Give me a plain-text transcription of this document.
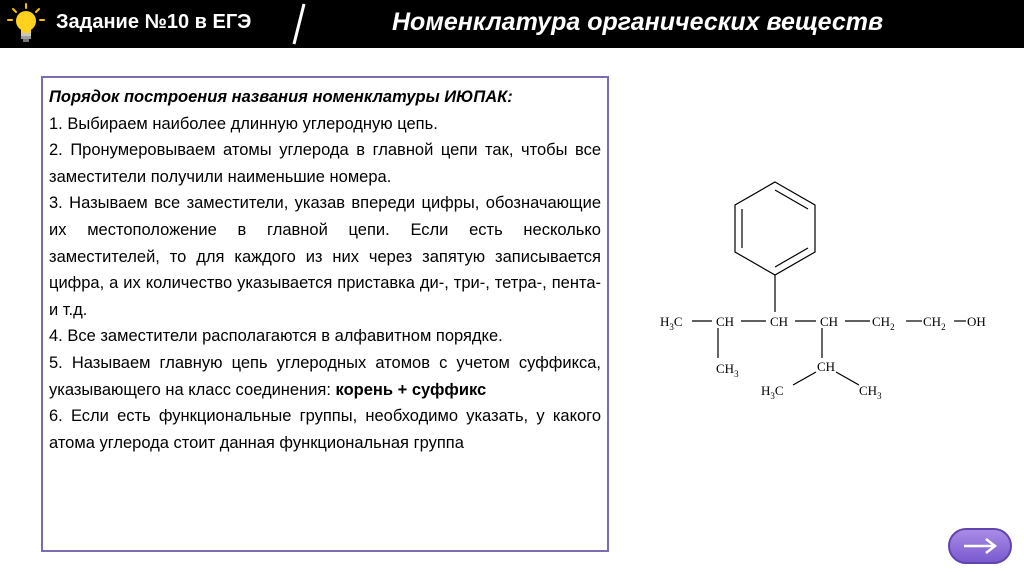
Задание №10 в ЕГЭ	Номенклатура органических веществ

Порядок построения названия номенклатуры ИЮПАК:

1. Выбираем наиболее длинную углеродную цепь.

2. Пронумеровываем атомы углерода в главной цепи так, чтобы все заместители получили наименьшие номера.

3. Называем все заместители, указав впереди цифры, обозначающие их местоположение в главной цепи. Если есть несколько заместителей, то для каждого из них через запятую записывается цифра, а их количество указывается приставка ди-, три-, тетра-, пента- и т.д.

4. Все заместители располагаются в алфавитном порядке.

5. Называем главную цепь углеродных атомов с учетом суффикса, указывающего на класс соединения: корень + суффикс

6. Если есть функциональные группы, необходимо указать, у какого атома углерода стоит данная функциональная группа

$H_3C$	CH	CH CH	$CH_2$ $CH_2$ OH
$CH_3$	CH
$H_3C$	$CH_3$
